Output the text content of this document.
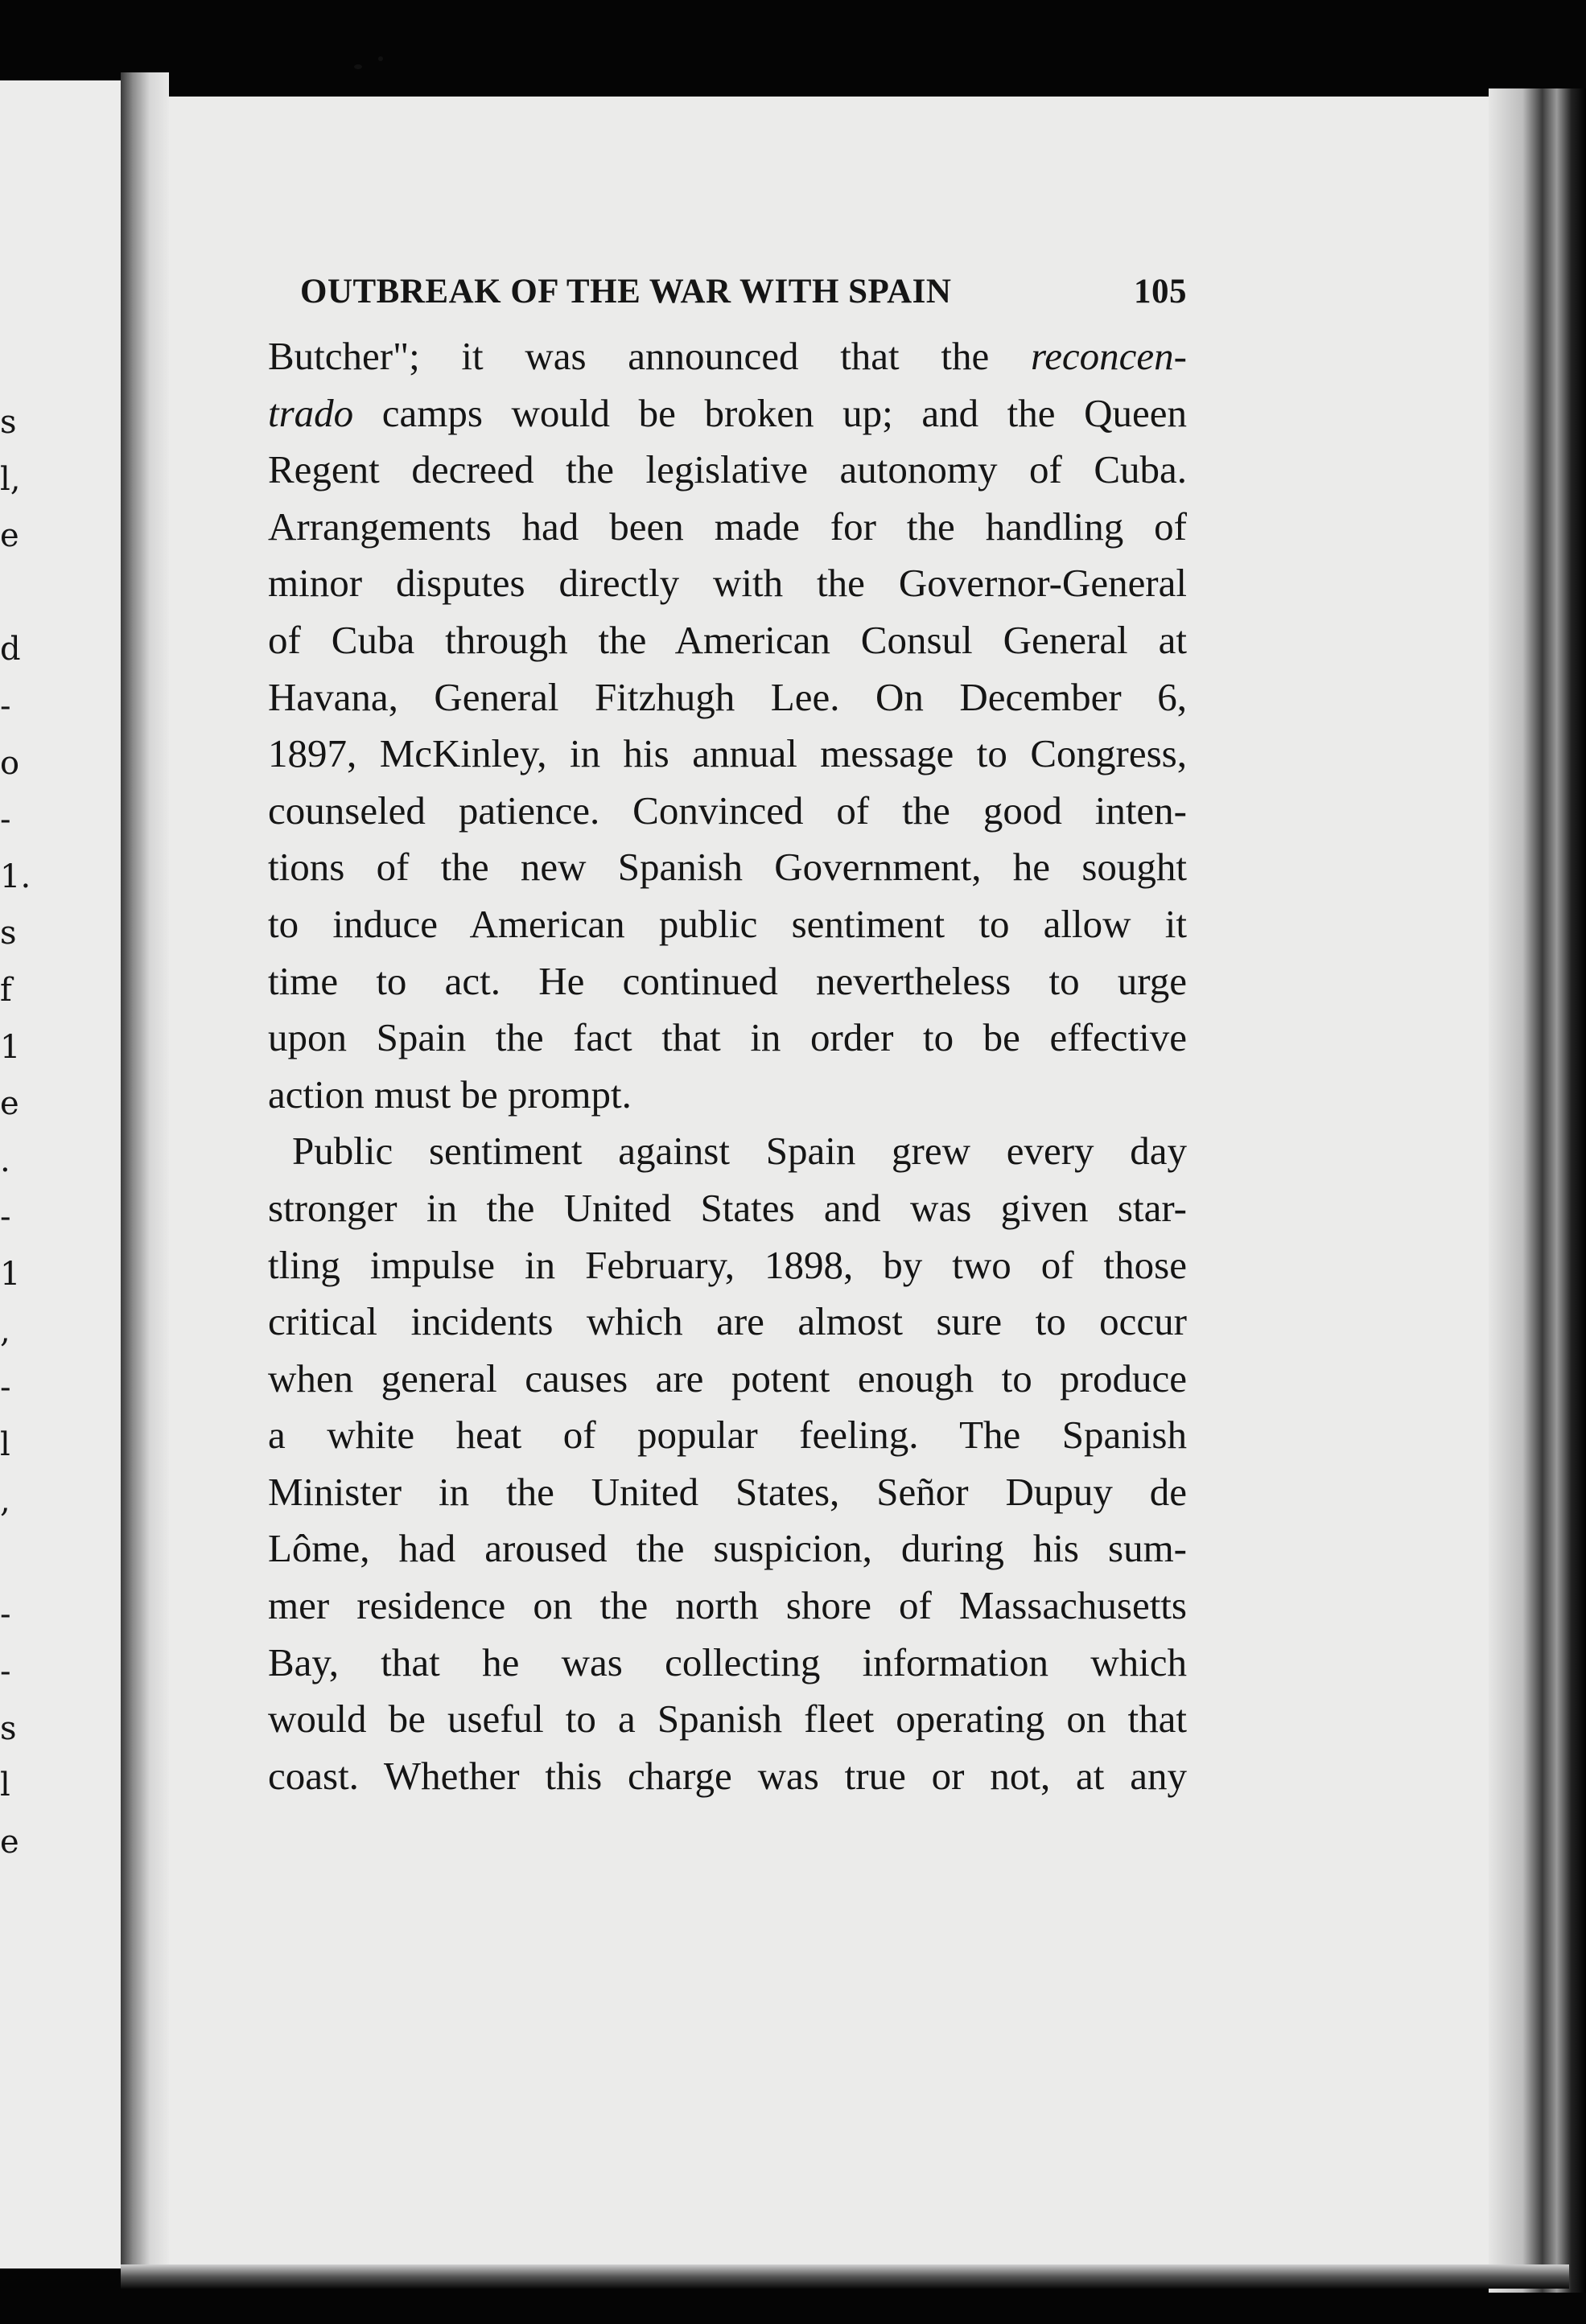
s
l,
e
d
-
o
-
1.
s
f
1
e
.
-
1
,
-
l
,
-
-
s
l
e
OUTBREAK OF THE WAR WITH SPAIN	105
Butcher"; it was announced that the reconcen-
trado camps would be broken up; and the Queen
Regent decreed the legislative autonomy of Cuba.
Arrangements had been made for the handling of
minor disputes directly with the Governor-General
of Cuba through the American Consul General at
Havana, General Fitzhugh Lee. On December 6,
1897, McKinley, in his annual message to Congress,
counseled patience. Convinced of the good inten-
tions of the new Spanish Government, he sought
to induce American public sentiment to allow it
time to act. He continued nevertheless to urge
upon Spain the fact that in order to be effective
action must be prompt.
Public sentiment against Spain grew every day
stronger in the United States and was given star-
tling impulse in February, 1898, by two of those
critical incidents which are almost sure to occur
when general causes are potent enough to produce
a white heat of popular feeling. The Spanish
Minister in the United States, Señor Dupuy de
Lôme, had aroused the suspicion, during his sum-
mer residence on the north shore of Massachusetts
Bay, that he was collecting information which
would be useful to a Spanish fleet operating on that
coast. Whether this charge was true or not, at any
